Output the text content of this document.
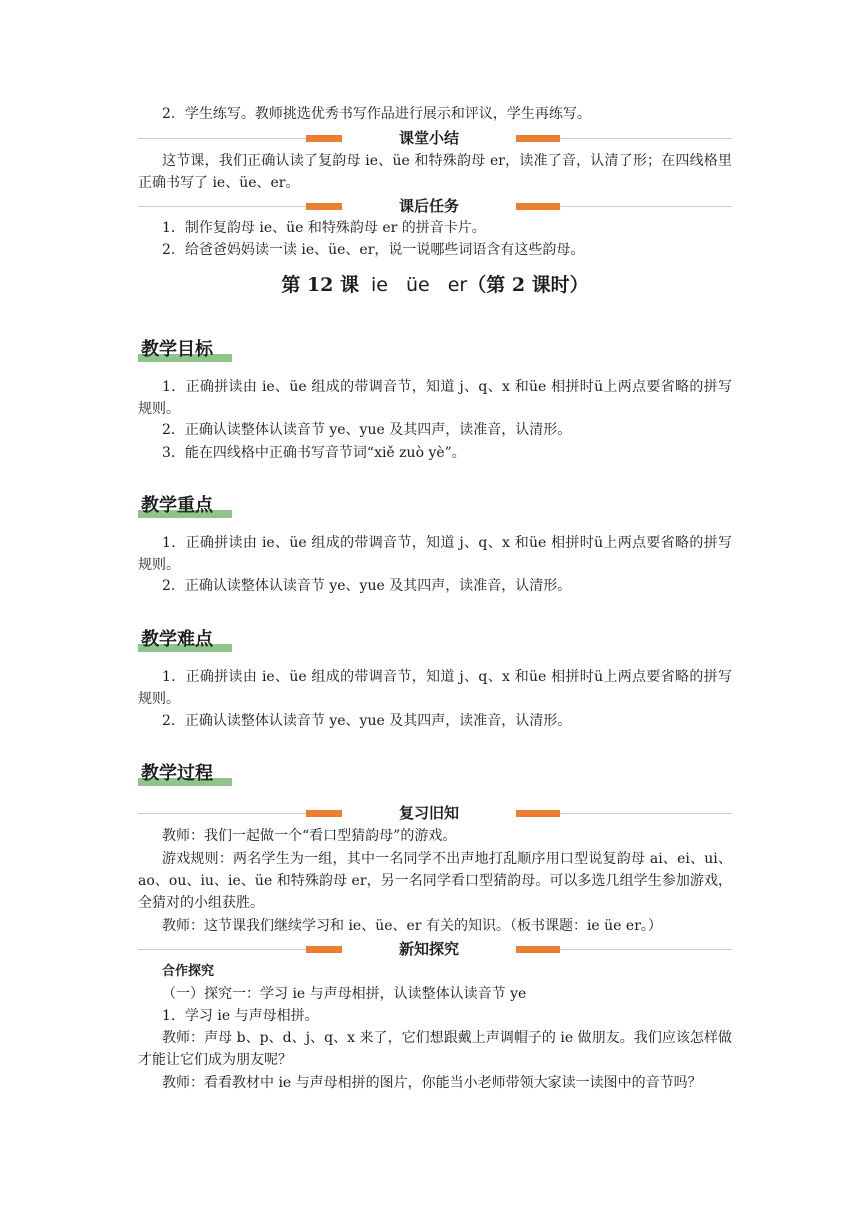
2．学生练写。教师挑选优秀书写作品进行展示和评议，学生再练写。

课堂小结

这节课，我们正确认读了复韵母 ie、üe 和特殊韵母 er，读准了音，认清了形；在四线格里正确书写了 ie、üe、er。

课后任务

1．制作复韵母 ie、üe 和特殊韵母 er 的拼音卡片。

2．给爸爸妈妈读一读 ie、üe、er，说一说哪些词语含有这些韵母。

第 12 课 ie üe er（第 2 课时）
教学目标

1．正确拼读由 ie、üe 组成的带调音节，知道 j、q、x 和üe 相拼时ü上两点要省略的拼写规则。

2．正确认读整体认读音节 ye、yue 及其四声，读准音，认清形。

3．能在四线格中正确书写音节词“xiě zuò yè”。

教学重点

1．正确拼读由 ie、üe 组成的带调音节，知道 j、q、x 和üe 相拼时ü上两点要省略的拼写规则。

2．正确认读整体认读音节 ye、yue 及其四声，读准音，认清形。

教学难点

1．正确拼读由 ie、üe 组成的带调音节，知道 j、q、x 和üe 相拼时ü上两点要省略的拼写规则。

2．正确认读整体认读音节 ye、yue 及其四声，读准音，认清形。

教学过程
复习旧知

教师：我们一起做一个“看口型猜韵母”的游戏。

游戏规则：两名学生为一组，其中一名同学不出声地打乱顺序用口型说复韵母 ai、ei、ui、ao、ou、iu、ie、üe 和特殊韵母 er，另一名同学看口型猜韵母。可以多选几组学生参加游戏，全猜对的小组获胜。

教师：这节课我们继续学习和 ie、üe、er 有关的知识。（板书课题：ie üe er。）

新知探究

合作探究

（一）探究一：学习 ie 与声母相拼，认读整体认读音节 ye

1．学习 ie 与声母相拼。

教师：声母 b、p、d、j、q、x 来了，它们想跟戴上声调帽子的 ie 做朋友。我们应该怎样做才能让它们成为朋友呢？

教师：看看教材中 ie 与声母相拼的图片，你能当小老师带领大家读一读图中的音节吗？
